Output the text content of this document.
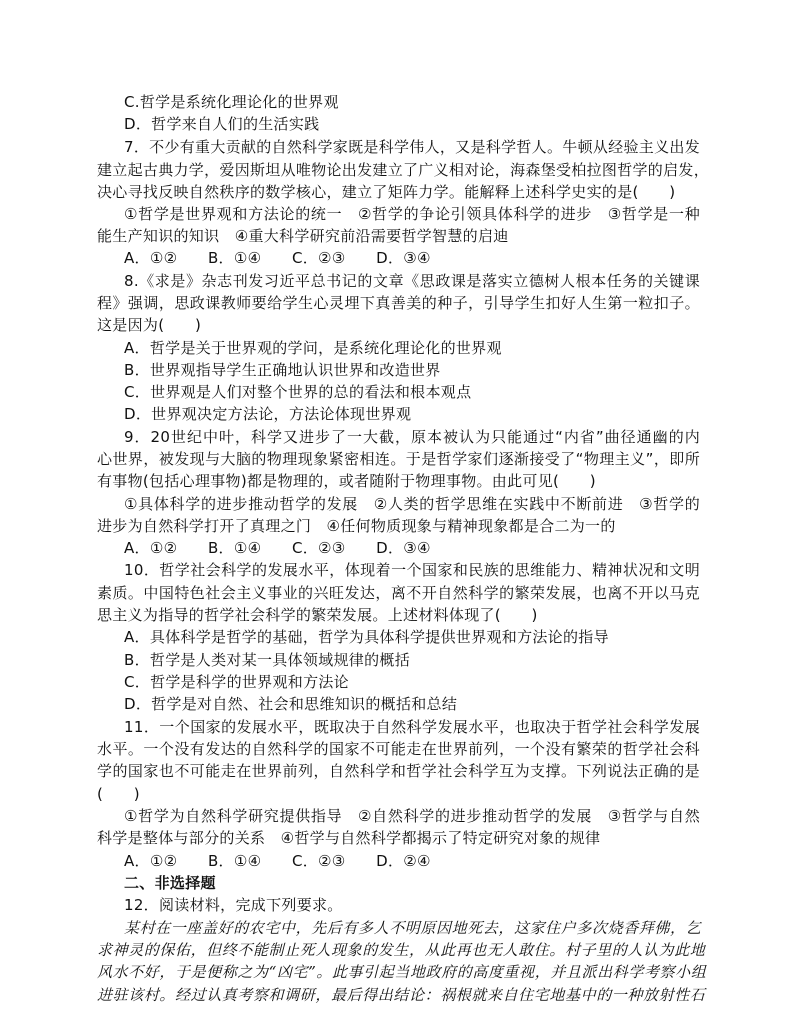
C.哲学是系统化理论化的世界观
D．哲学来自人们的生活实践
7．不少有重大贡献的自然科学家既是科学伟人，又是科学哲人。牛顿从经验主义出发
建立起古典力学，爱因斯坦从唯物论出发建立了广义相对论，海森堡受柏拉图哲学的启发，
决心寻找反映自然秩序的数学核心，建立了矩阵力学。能解释上述科学史实的是(　　)
①哲学是世界观和方法论的统一　②哲学的争论引领具体科学的进步　③哲学是一种
能生产知识的知识　④重大科学研究前沿需要哲学智慧的启迪
A．①②　　B．①④　　C．②③　　D．③④
8.《求是》杂志刊发习近平总书记的文章《思政课是落实立德树人根本任务的关键课
程》强调，思政课教师要给学生心灵埋下真善美的种子，引导学生扣好人生第一粒扣子。
这是因为(　　)
A．哲学是关于世界观的学问，是系统化理论化的世界观
B．世界观指导学生正确地认识世界和改造世界
C．世界观是人们对整个世界的总的看法和根本观点
D．世界观决定方法论，方法论体现世界观
9．20世纪中叶，科学又进步了一大截，原本被认为只能通过“内省”曲径通幽的内
心世界，被发现与大脑的物理现象紧密相连。于是哲学家们逐渐接受了“物理主义”，即所
有事物(包括心理事物)都是物理的，或者随附于物理事物。由此可见(　　)
①具体科学的进步推动哲学的发展　②人类的哲学思维在实践中不断前进　③哲学的
进步为自然科学打开了真理之门　④任何物质现象与精神现象都是合二为一的
A．①②　　B．①④　　C．②③　　D．③④
10．哲学社会科学的发展水平，体现着一个国家和民族的思维能力、精神状况和文明
素质。中国特色社会主义事业的兴旺发达，离不开自然科学的繁荣发展，也离不开以马克
思主义为指导的哲学社会科学的繁荣发展。上述材料体现了(　　)
A．具体科学是哲学的基础，哲学为具体科学提供世界观和方法论的指导
B．哲学是人类对某一具体领域规律的概括
C．哲学是科学的世界观和方法论
D．哲学是对自然、社会和思维知识的概括和总结
11．一个国家的发展水平，既取决于自然科学发展水平，也取决于哲学社会科学发展
水平。一个没有发达的自然科学的国家不可能走在世界前列，一个没有繁荣的哲学社会科
学的国家也不可能走在世界前列，自然科学和哲学社会科学互为支撑。下列说法正确的是
(　　)
①哲学为自然科学研究提供指导　②自然科学的进步推动哲学的发展　③哲学与自然
科学是整体与部分的关系　④哲学与自然科学都揭示了特定研究对象的规律
A．①②　　B．①④　　C．②③　　D．②④
二、非选择题
12．阅读材料，完成下列要求。
某村在一座盖好的农宅中，先后有多人不明原因地死去，这家住户多次烧香拜佛，乞
求神灵的保佑，但终不能制止死人现象的发生，从此再也无人敢住。村子里的人认为此地
风水不好，于是便称之为“凶宅”。此事引起当地政府的高度重视，并且派出科学考察小组
进驻该村。经过认真考察和调研，最后得出结论：祸根就来自住宅地基中的一种放射性石
